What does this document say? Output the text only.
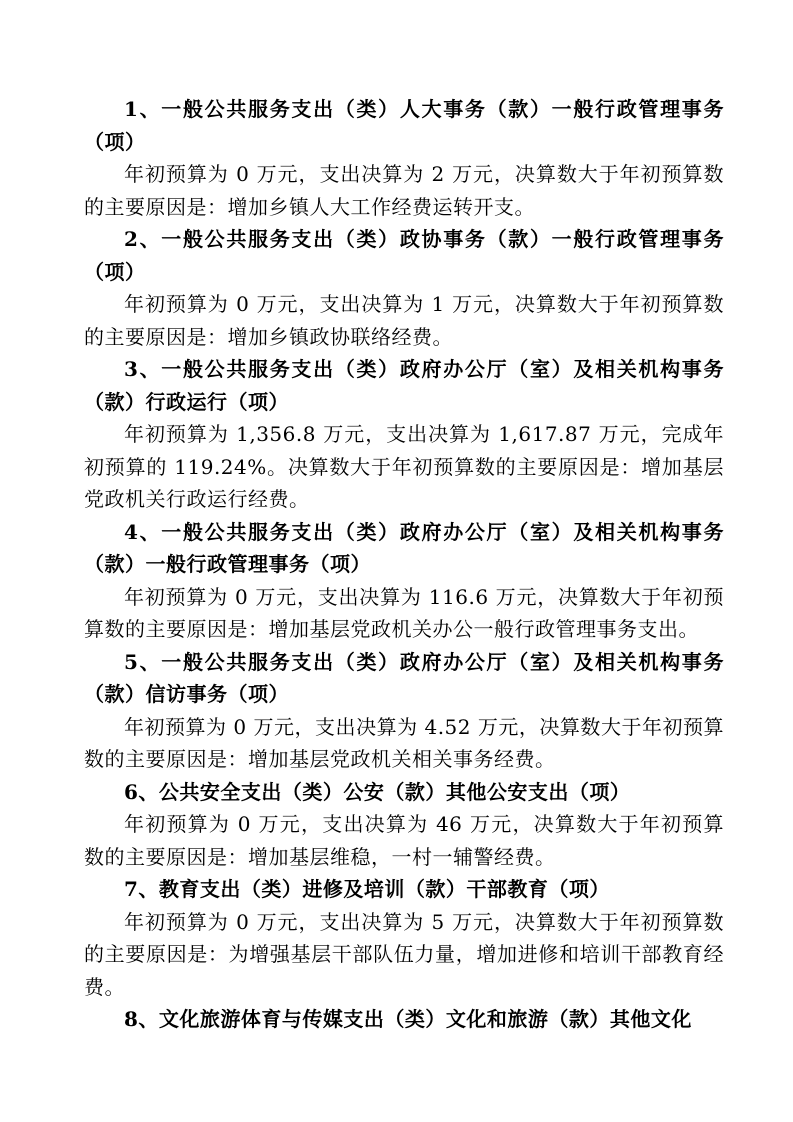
1、一般公共服务支出（类）人大事务（款）一般行政管理事务（项）

年初预算为 0 万元，支出决算为 2 万元，决算数大于年初预算数的主要原因是：增加乡镇人大工作经费运转开支。

2、一般公共服务支出（类）政协事务（款）一般行政管理事务（项）

年初预算为 0 万元，支出决算为 1 万元，决算数大于年初预算数的主要原因是：增加乡镇政协联络经费。

3、一般公共服务支出（类）政府办公厅（室）及相关机构事务（款）行政运行（项）

年初预算为 1,356.8 万元，支出决算为 1,617.87 万元，完成年初预算的 119.24%。决算数大于年初预算数的主要原因是：增加基层党政机关行政运行经费。

4、一般公共服务支出（类）政府办公厅（室）及相关机构事务（款）一般行政管理事务（项）

年初预算为 0 万元，支出决算为 116.6 万元，决算数大于年初预算数的主要原因是：增加基层党政机关办公一般行政管理事务支出。

5、一般公共服务支出（类）政府办公厅（室）及相关机构事务（款）信访事务（项）

年初预算为 0 万元，支出决算为 4.52 万元，决算数大于年初预算数的主要原因是：增加基层党政机关相关事务经费。

6、公共安全支出（类）公安（款）其他公安支出（项）

年初预算为 0 万元，支出决算为 46 万元，决算数大于年初预算数的主要原因是：增加基层维稳，一村一辅警经费。

7、教育支出（类）进修及培训（款）干部教育（项）

年初预算为 0 万元，支出决算为 5 万元，决算数大于年初预算数的主要原因是：为增强基层干部队伍力量，增加进修和培训干部教育经费。

8、文化旅游体育与传媒支出（类）文化和旅游（款）其他文化
